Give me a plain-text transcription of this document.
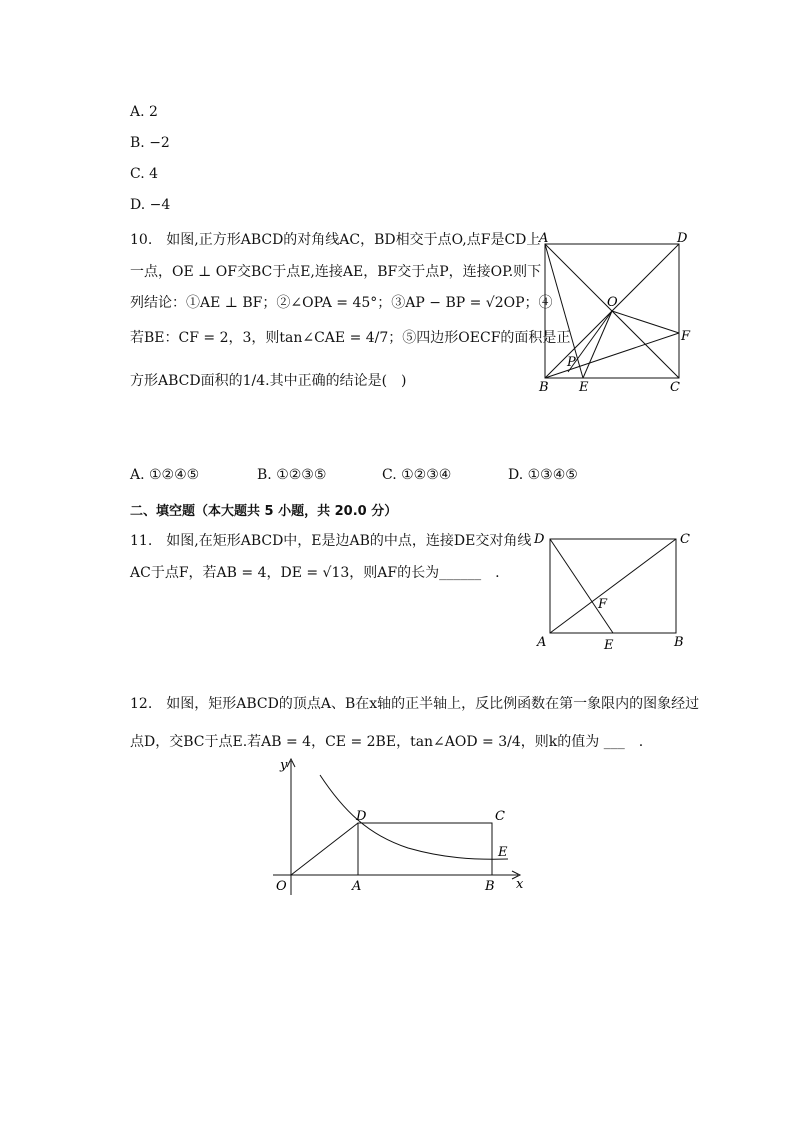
A. 2
B. −2
C. 4
D. −4
10.　如图,正方形ABCD的对角线AC，BD相交于点O,点F是CD上
一点，OE ⊥ OF交BC于点E,连接AE，BF交于点P，连接OP.则下
列结论：①AE ⊥ BF；②∠OPA = 45°；③AP − BP = √2OP；④
若BE：CF = 2，3，则tan∠CAE = 4/7；⑤四边形OECF的面积是正
方形ABCD面积的1/4.其中正确的结论是(　)
A	D
B	C
O
F
P
E
A. ①②④⑤	B. ①②③⑤	C. ①②③④	D. ①③④⑤
二、填空题（本大题共 5 小题，共 20.0 分）
11.　如图,在矩形ABCD中，E是边AB的中点，连接DE交对角线
AC于点F，若AB = 4，DE = √13，则AF的长为______　.
D	C
A	B
E
F
12.　如图，矩形ABCD的顶点A、B在x轴的正半轴上，反比例函数在第一象限内的图象经过
点D，交BC于点E.若AB = 4，CE = 2BE，tan∠AOD = 3/4，则k的值为 ___　.
y
x
O	A	B
C
D
E
